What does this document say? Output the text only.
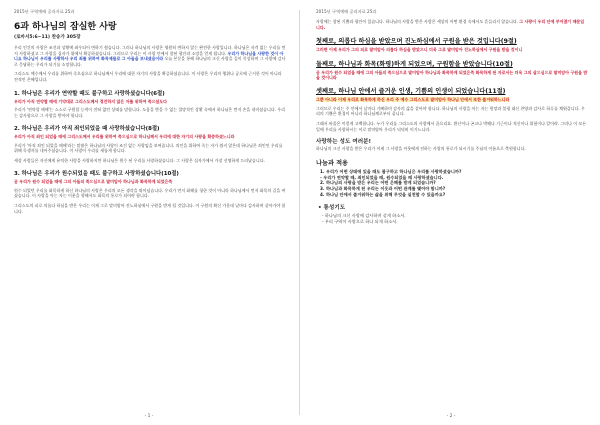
2015년 구역예배 공과자료 25과
6과 하나님의 잠실한 사랑
(로마서5:6~11) 찬송가 305장
우리 인간의 사랑은 조건과 상황에 좌우되어 변하기 쉽습니다. 그러나 하나님의 사랑은 영원히 변하지 않는 완전한 사랑입니다. 하나님은 자격 없는 우리를 먼저 사랑하셨고 그 사랑을 십자가 위에서 확증하셨습니다. 그러므로 우리는 이 사랑 안에서 참된 평안과 소망을 얻게 됩니다. 우리가 하나님을 사랑한 것이 아니요 하나님이 우리를 사랑하사 우리 죄를 위하여 화목제물로 그 아들을 보내셨음이라 오늘 본문을 통해 하나님의 크신 사랑을 깊이 묵상하며 그 사랑에 감사로 응답하는 우리가 되기를 소망합니다.
그리스도 예수께서 우리를 위하여 죽으심으로 하나님께서 우리에 대한 자기의 사랑을 확증하셨습니다. 이 사랑은 우리의 행위나 공로에 근거한 것이 아니라 전적인 은혜입니다.
1. 하나님은 우리가 연약할 때도 불구하고 사랑하셨습니다(6절)
우리가 아직 연약할 때에 기약대로 그리스도께서 경건하지 않은 자를 위하여 죽으셨도다
우리가 '연약할 때에'는 스스로 구원할 능력이 전혀 없던 상태를 말합니다. 도움을 받을 수 없는 절망적인 상황 속에서 하나님은 먼저 손을 내미셨습니다. 우리는 감사함으로 그 사랑을 받아야 합니다.
2. 하나님은 우리가 아직 죄인되었을 때 사랑하셨습니다(8절)
우리가 아직 죄인 되었을 때에 그리스도께서 우리를 위하여 죽으심으로 하나님께서 우리에 대한 자기의 사랑을 확증하셨느니라
우리가 '아직 죄인 되었을 때에'라는 말씀은 하나님의 사랑이 조건 없는 사랑임을 보여줍니다. 의인을 위하여 죽는 자가 쉽지 않은데 하나님은 죄인인 우리를 위해 독생자를 내어주셨습니다. 이 사랑이 우리를 새롭게 합니다.
세상 사람들은 자신에게 유익한 사람을 사랑하지만 하나님은 원수 된 우리를 사랑하셨습니다. 그 사랑은 십자가에서 가장 선명하게 드러났습니다.
3. 하나님은 우리가 원수되었을 때도 불구하고 사랑하셨습니다(10절)
곧 우리가 원수 되었을 때에 그의 아들의 죽으심으로 말미암아 하나님과 화목하게 되었은즉
원수 되었던 우리를 화목하게 하신 하나님의 사랑은 우리의 모든 생각을 뛰어넘습니다. 우리가 먼저 화해를 청한 것이 아니라 하나님께서 먼저 화목의 길을 여셨습니다. 이 사랑을 아는 자는 이웃을 향해서도 화목의 통로가 되어야 합니다.
그리스도의 피로 의롭다 하심을 받은 우리는 이제 그로 말미암아 진노하심에서 구원을 받게 될 것입니다. 이 구원의 확신 가운데 날마다 감사하며 살아가야 합니다.
- 1 -
2015년 구역예배 공과자료 25과
사랑에는 참된 기쁨과 평안이 있습니다. 하나님의 사랑을 받은 사람은 세상의 어떤 환경 속에서도 흔들리지 않습니다. 그 사랑이 우리 안에 부어졌기 때문입니다.
첫째로, 의롭다 하심을 받았으며 진노하심에서 구원을 받은 것입니다(9절)
그러면 이제 우리가 그의 피로 말미암아 의롭다 하심을 받았으니 더욱 그로 말미암아 진노하심에서 구원을 받을 것이니
둘째로, 하나님과 화목(화평)하게 되었으며, 구원함을 받았습니다(10절)
곧 우리가 원수 되었을 때에 그의 아들의 죽으심으로 말미암아 하나님과 화목하게 되었은즉 화목하게 된 자로서는 더욱 그의 살으심으로 말미암아 구원을 받을 것이니라
셋째로, 하나님 안에서 즐거운 인생, 기쁨의 인생이 되었습니다(11절)
그뿐 아니라 이제 우리로 화목하게 하신 우리 주 예수 그리스도로 말미암아 하나님 안에서 또한 즐거워하느니라
그러므로 우리는 주 안에서 날마다 기뻐하며 감사의 삶을 살아야 합니다. 하나님의 사랑을 아는 자는 원망과 불평 대신 찬양과 감사로 하루를 채워갑니다. 우리의 기쁨은 환경이 아니라 하나님께로부터 옵니다.
그래서 바울은 이렇게 고백합니다. 누가 우리를 그리스도의 사랑에서 끊으리요. 환난이나 곤고나 박해나 기근이나 적신이나 위험이나 칼이랴. 그러나 이 모든 일에 우리를 사랑하시는 이로 말미암아 우리가 넉넉히 이기느니라.
사랑하는 성도 여러분!
하나님의 크신 사랑을 받은 우리가 이제 그 사랑을 이웃에게 전하는 사랑의 통로가 되시기를 주님의 이름으로 축원합니다.
나눔과 적용
1. 우리가 어떤 상태에 있을 때도 불구하고 하나님은 우리를 사랑하셨습니까?
- 우리가 연약할 때, 죄인되었을 때, 원수되었을 때 사랑하셨습니다.
2. 하나님의 사랑을 받은 우리는 어떤 은혜를 받게 되었습니까?
3. 하나님과 화목하게 된 우리는 이웃과 어떤 관계를 맺어야 합니까?
4. 하나님 안에서 즐거워하는 삶을 위해 무엇을 실천할 수 있을까요?
• 통성기도
- 하나님의 크신 사랑에 감사하며 살게 하소서.
- 우리 구역이 사랑으로 하나 되게 하소서.
- 2 -
